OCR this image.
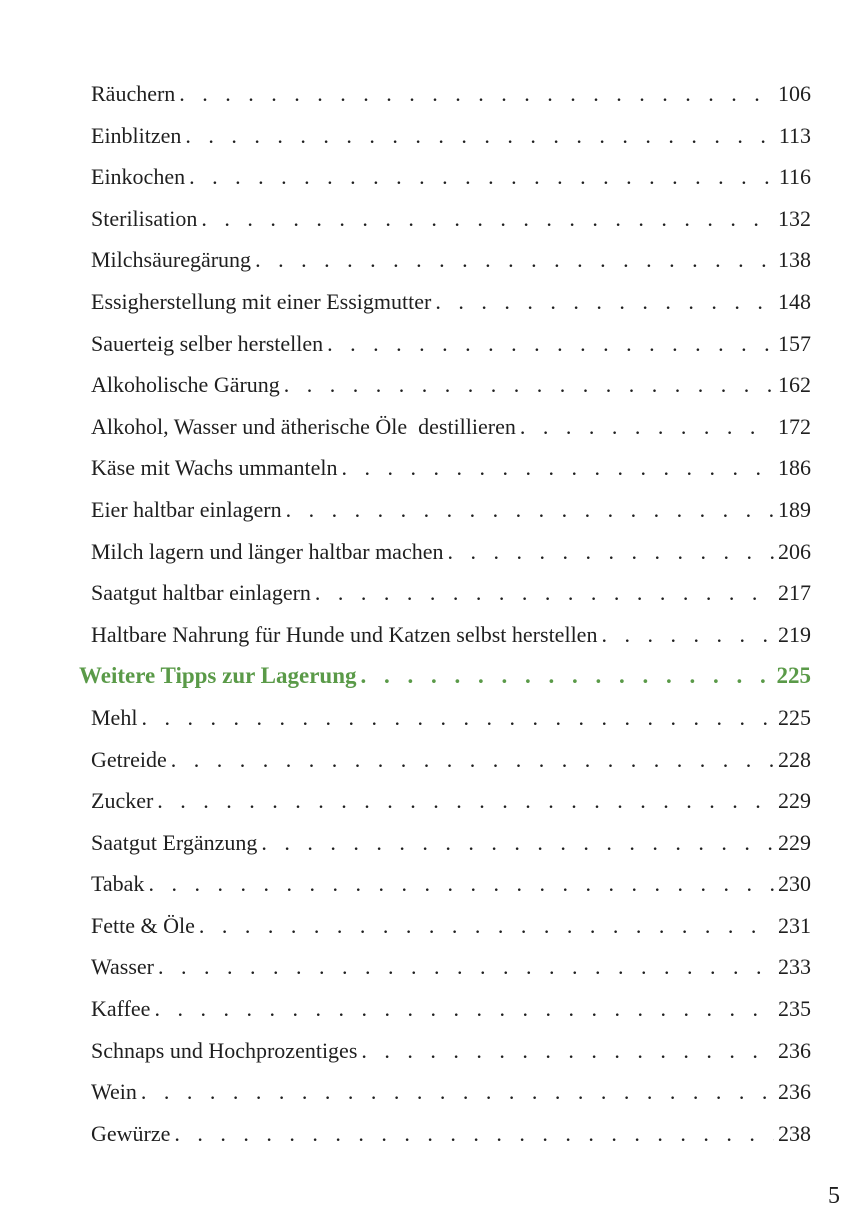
Räuchern . . .	106
Einblitzen . . .	113
Einkochen . . .	116
Sterilisation . . .	132
Milchsäuregärung . . .	138
Essigherstellung mit einer Essigmutter . . .	148
Sauerteig selber herstellen . . .	157
Alkoholische Gärung . . .	162
Alkohol, Wasser und ätherische Öle  destillieren . . .	172
Käse mit Wachs ummanteln . . .	186
Eier haltbar einlagern . . .	189
Milch lagern und länger haltbar machen . . .	206
Saatgut haltbar einlagern . . .	217
Haltbare Nahrung für Hunde und Katzen selbst herstellen . . .	219
Weitere Tipps zur Lagerung . . .	225
Mehl . . .	225
Getreide . . .	228
Zucker . . .	229
Saatgut Ergänzung . . .	229
Tabak . . .	230
Fette & Öle . . .	231
Wasser . . .	233
Kaffee . . .	235
Schnaps und Hochprozentiges . . .	236
Wein . . .	236
Gewürze . . .	238
5
